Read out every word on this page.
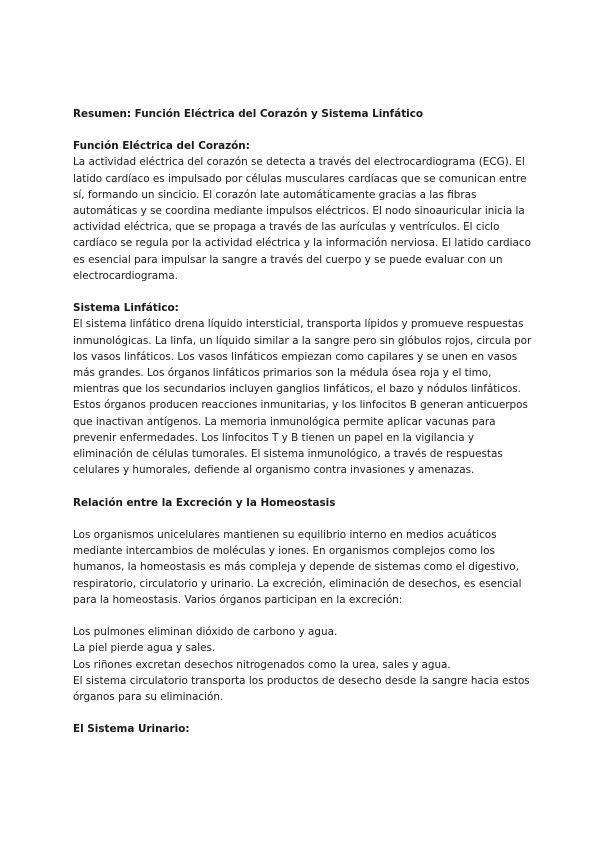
Resumen: Función Eléctrica del Corazón y Sistema Linfático

Función Eléctrica del Corazón:

La actividad eléctrica del corazón se detecta a través del electrocardiograma (ECG). El latido cardíaco es impulsado por células musculares cardíacas que se comunican entre sí, formando un sincicio. El corazón late automáticamente gracias a las fibras automáticas y se coordina mediante impulsos eléctricos. El nodo sinoauricular inicia la actividad eléctrica, que se propaga a través de las aurículas y ventrículos. El ciclo cardíaco se regula por la actividad eléctrica y la información nerviosa. El latido cardiaco es esencial para impulsar la sangre a través del cuerpo y se puede evaluar con un electrocardiograma.

Sistema Linfático:

El sistema linfático drena líquido intersticial, transporta lípidos y promueve respuestas inmunológicas. La linfa, un líquido similar a la sangre pero sin glóbulos rojos, circula por los vasos linfáticos. Los vasos linfáticos empiezan como capilares y se unen en vasos más grandes. Los órganos linfáticos primarios son la médula ósea roja y el timo, mientras que los secundarios incluyen ganglios linfáticos, el bazo y nódulos linfáticos. Estos órganos producen reacciones inmunitarias, y los linfocitos B generan anticuerpos que inactivan antígenos. La memoria inmunológica permite aplicar vacunas para prevenir enfermedades. Los linfocitos T y B tienen un papel en la vigilancia y eliminación de células tumorales. El sistema inmunológico, a través de respuestas celulares y humorales, defiende al organismo contra invasiones y amenazas.

Relación entre la Excreción y la Homeostasis

Los organismos unicelulares mantienen su equilibrio interno en medios acuáticos mediante intercambios de moléculas y iones. En organismos complejos como los humanos, la homeostasis es más compleja y depende de sistemas como el digestivo, respiratorio, circulatorio y urinario. La excreción, eliminación de desechos, es esencial para la homeostasis. Varios órganos participan en la excreción:

Los pulmones eliminan dióxido de carbono y agua.

La piel pierde agua y sales.

Los riñones excretan desechos nitrogenados como la urea, sales y agua.

El sistema circulatorio transporta los productos de desecho desde la sangre hacia estos órganos para su eliminación.

El Sistema Urinario:
